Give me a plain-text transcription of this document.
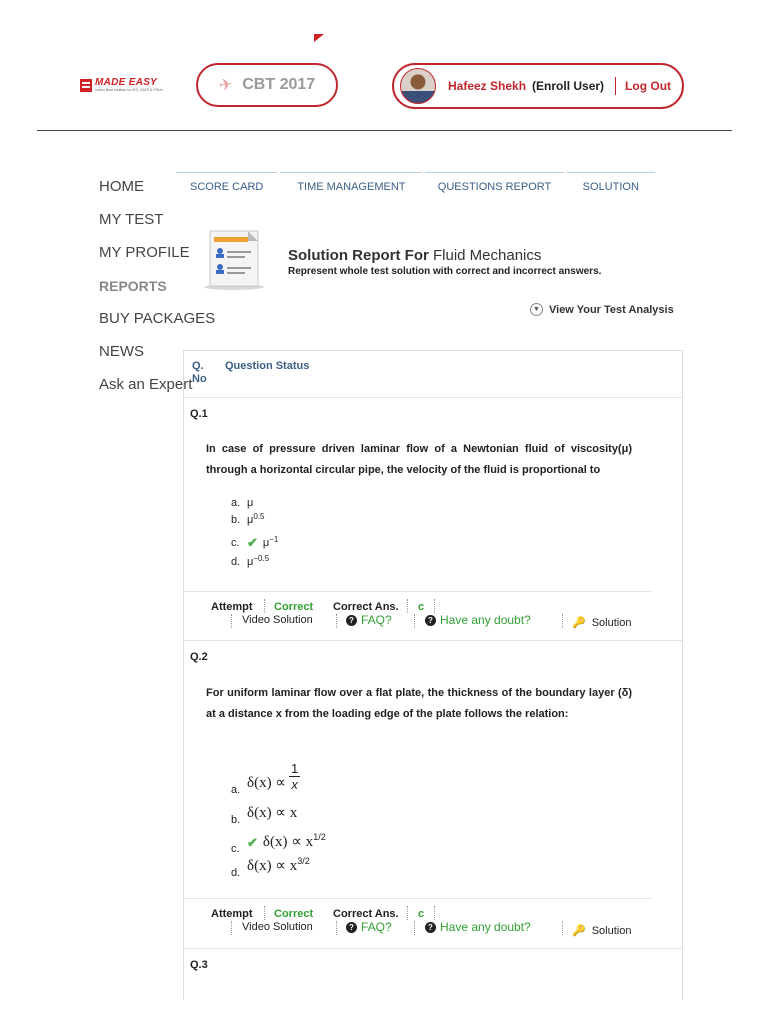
MADE EASY
India's Best Institute for IES, GATE & PSUs	✈ CBT 2017	Hafeez Shekh (Enroll User) Log Out
HOME
MY TEST
MY PROFILE
REPORTS
BUY PACKAGES
NEWS
Ask an Expert
SCORE CARD	TIME MANAGEMENT	QUESTIONS REPORT	SOLUTION
Solution Report For Fluid Mechanics
Represent whole test solution with correct and incorrect answers.
▼ View Your Test Analysis
Q. No
Question Status
Q.1
In case of pressure driven laminar flow of a Newtonian fluid of viscosity(μ) through a horizontal circular pipe, the velocity of the fluid is proportional to
a. μ
b. $\mu^{0.5}$
c. ✔ $\mu^{-1}$
d. $\mu^{-0.5}$
Attempt Correct Correct Ans. c
Video Solution	? FAQ?	? Have any doubt?	🔑 Solution
Q.2
For uniform laminar flow over a flat plate, the thickness of the boundary layer (δ) at a distance x from the loading edge of the plate follows the relation:
a. $\delta(x) \propto \frac{1}{x}$
b. δ(x) ∝ x
c. ✔ $\delta(x) \propto x^{1/2}$
d. $\delta(x) \propto x^{3/2}$
Attempt Correct Correct Ans. c
Video Solution	? FAQ?	? Have any doubt?	🔑 Solution
Q.3
